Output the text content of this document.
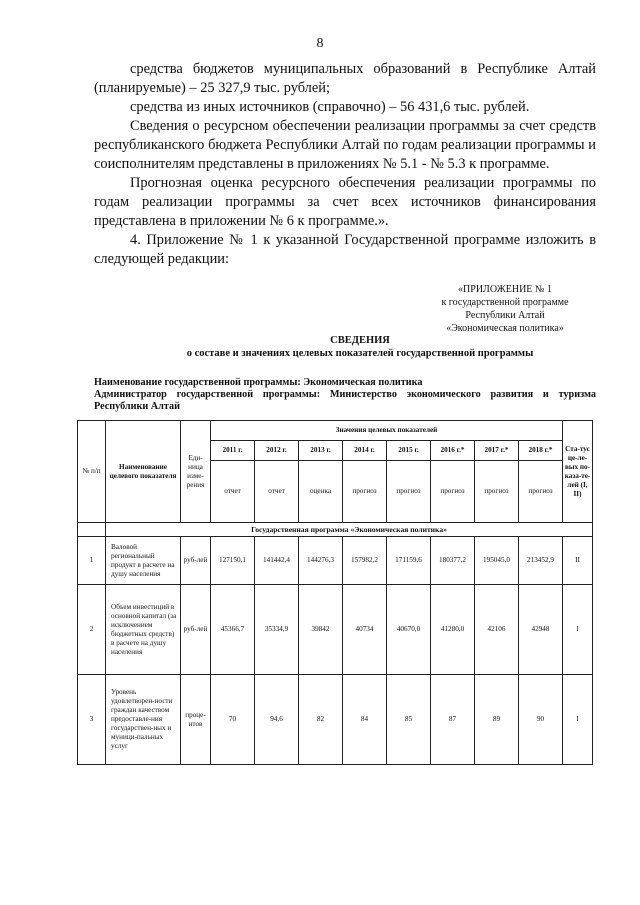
8

средства бюджетов муниципальных образований в Республике Алтай (планируемые) – 25 327,9 тыс. рублей;

средства из иных источников (справочно) – 56 431,6 тыс. рублей.

Сведения о ресурсном обеспечении реализации программы за счет средств республиканского бюджета Республики Алтай по годам реализации программы и соисполнителям представлены в приложениях № 5.1 - № 5.3 к программе.

Прогнозная оценка ресурсного обеспечения реализации программы по годам реализации программы за счет всех источников финансирования представлена в приложении № 6 к программе.».

4. Приложение № 1 к указанной Государственной программе изложить в следующей редакции:

«ПРИЛОЖЕНИЕ № 1
к государственной программе
Республики Алтай
«Экономическая политика»
СВЕДЕНИЯ
о составе и значениях целевых показателей государственной программы
Наименование государственной программы: Экономическая политика
Администратор государственной программы: Министерство экономического развития и туризма Республики Алтай
№ п/п	Наименование целевого показателя	Еди-ница изме-рения	Значения целевых показателей								Ста-тус це-ле-вых по-каза-те-лей (I, II)
			2011 г.	2012 г.	2013 г.	2014 г.	2015 г.	2016 г.*	2017 г.*	2018 г.*	
			отчет	отчет	оценка	прогноз	прогноз	прогноз	прогноз	прогноз	
	Государственная программа «Экономическая политика»										
1	Валовой региональный продукт в расчете на душу населения	руб-лей	127150,1	141442,4	144276,3	157982,2	171159,6	180377,2	195045,0	213452,9	II
2	Объем инвестиций в основной капитал (за исключением бюджетных средств) в расчете на душу населения	руб-лей	45366,7	35334,9	39842	40734	40670,0	41280,0	42106	42948	I
3	Уровень удовлетворен-ности граждан качеством предоставле-ния государствен-ных и муници-пальных услуг	проце-нтов	70	94,6	82	84	85	87	89	90	I
